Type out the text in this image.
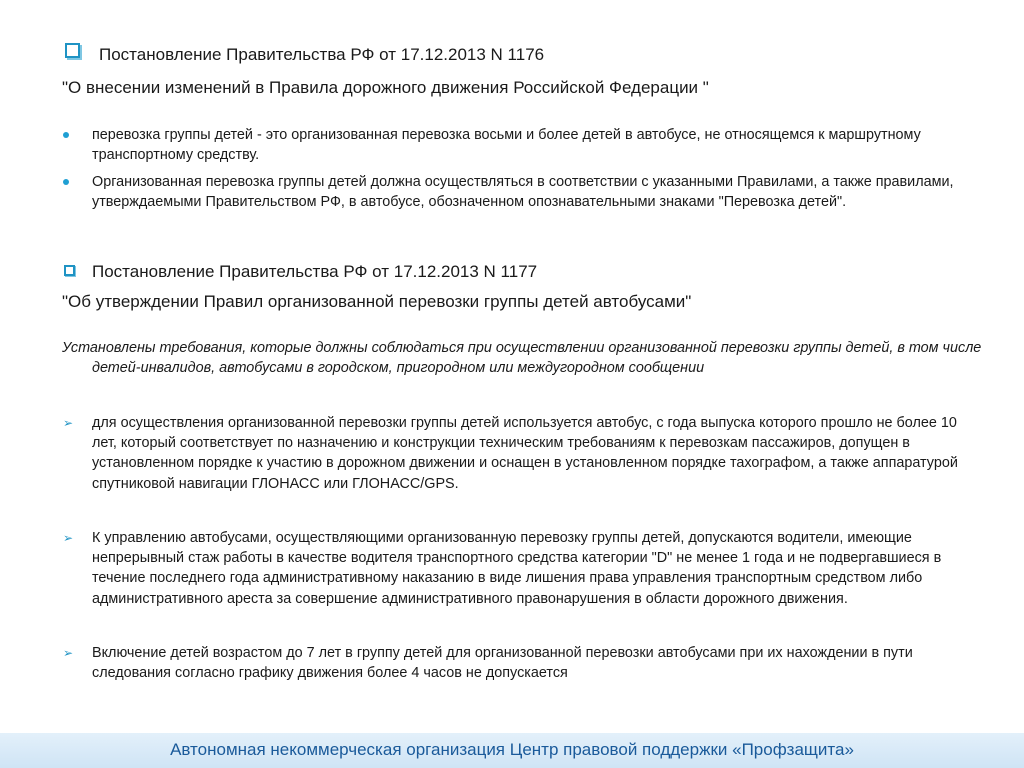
Постановление Правительства РФ от 17.12.2013 N 1176

"О внесении изменений в Правила дорожного движения Российской Федерации "

перевозка группы детей - это организованная перевозка восьми и более детей в автобусе, не относящемся к маршрутному транспортному средству.

Организованная перевозка группы детей должна осуществляться в соответствии с указанными Правилами, а также правилами, утверждаемыми Правительством РФ, в автобусе, обозначенном опознавательными знаками "Перевозка детей".

Постановление Правительства РФ от 17.12.2013 N 1177

"Об утверждении Правил организованной перевозки группы детей автобусами"

Установлены требования, которые должны соблюдаться при осуществлении организованной перевозки группы детей, в том числе детей-инвалидов, автобусами в городском, пригородном или междугородном сообщении

➢ для осуществления организованной перевозки группы детей используется автобус, с года выпуска которого прошло не более 10 лет, который соответствует по назначению и конструкции техническим требованиям к перевозкам пассажиров, допущен в установленном порядке к участию в дорожном движении и оснащен в установленном порядке тахографом, а также аппаратурой спутниковой навигации ГЛОНАСС или ГЛОНАСС/GPS.

➢ К управлению автобусами, осуществляющими организованную перевозку группы детей, допускаются водители, имеющие непрерывный стаж работы в качестве водителя транспортного средства категории "D" не менее 1 года и не подвергавшиеся в течение последнего года административному наказанию в виде лишения права управления транспортным средством либо административного ареста за совершение административного правонарушения в области дорожного движения.

➢ Включение детей возрастом до 7 лет в группу детей для организованной перевозки автобусами при их нахождении в пути следования согласно графику движения более 4 часов не допускается

Автономная некоммерческая организация Центр правовой поддержки «Профзащита»
